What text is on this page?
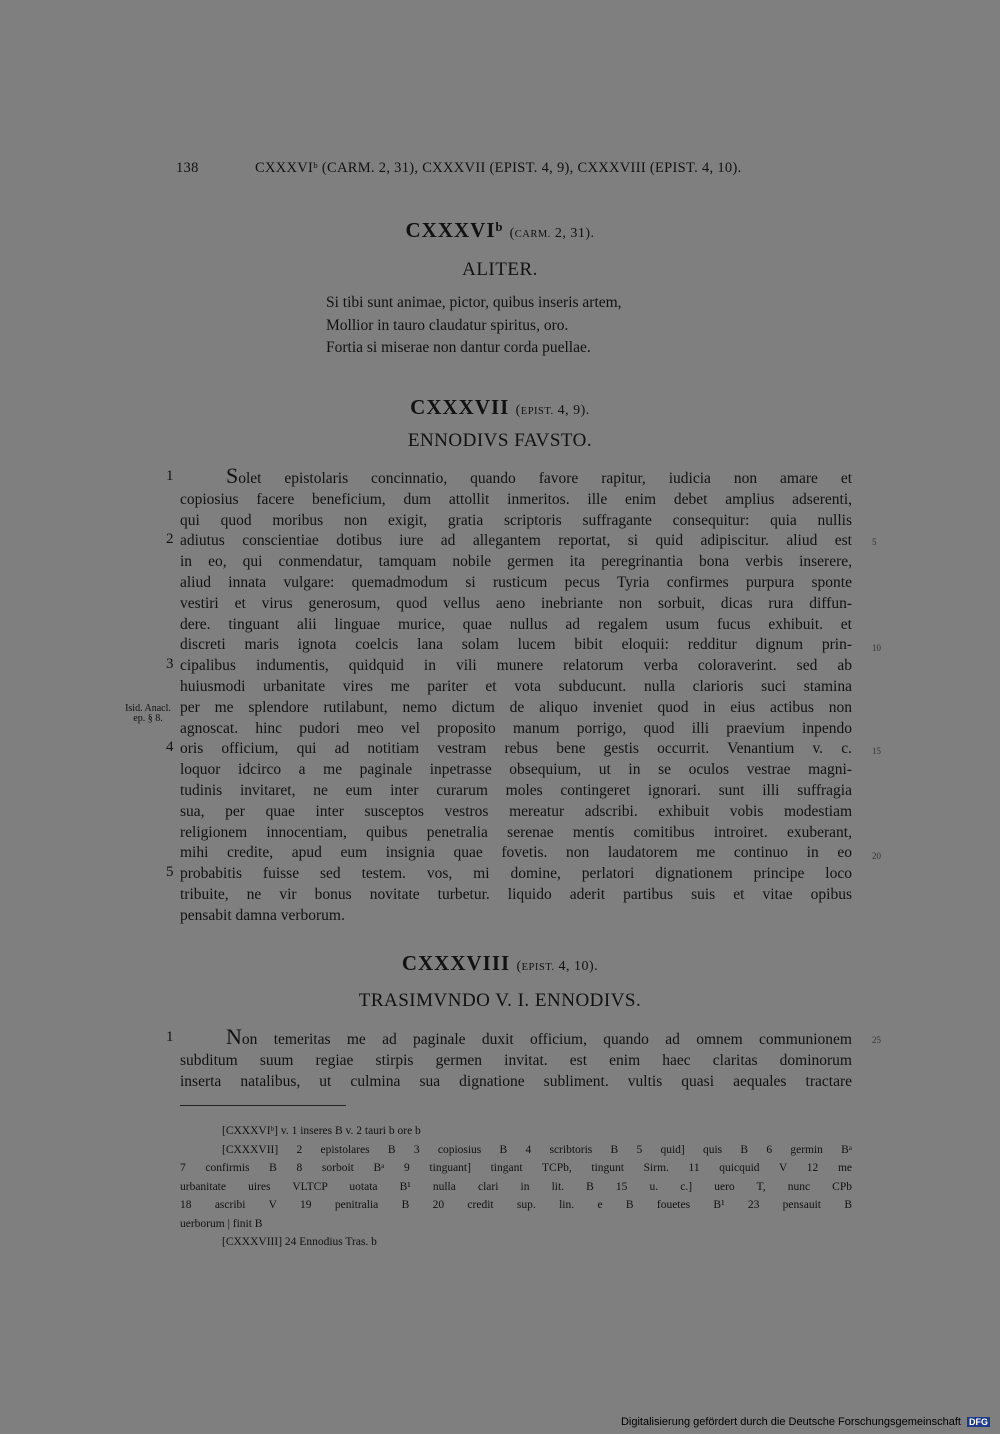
138	CXXXVIᵇ (CARM. 2, 31), CXXXVII (EPIST. 4, 9), CXXXVIII (EPIST. 4, 10).
CXXXVIᵇ (CARM. 2, 31).
ALITER.
Si tibi sunt animae, pictor, quibus inseris artem,
Mollior in tauro claudatur spiritus, oro.
Fortia si miserae non dantur corda puellae.
CXXXVII (EPIST. 4, 9).
ENNODIVS FAVSTO.
1
2
3
4
5
5
10
15
20
Isid. Anacl.
ep. § 8.
Solet epistolaris concinnatio, quando favore rapitur, iudicia non amare et
copiosius facere beneficium, dum attollit inmeritos. ille enim debet amplius adserenti,
qui quod moribus non exigit, gratia scriptoris suffragante consequitur: quia nullis
adiutus conscientiae dotibus iure ad allegantem reportat, si quid adipiscitur. aliud est
in eo, qui conmendatur, tamquam nobile germen ita peregrinantia bona verbis inserere,
aliud innata vulgare: quemadmodum si rusticum pecus Tyria confirmes purpura sponte
vestiri et virus generosum, quod vellus aeno inebriante non sorbuit, dicas rura diffun-
dere. tinguant alii linguae murice, quae nullus ad regalem usum fucus exhibuit. et
discreti maris ignota coelcis lana solam lucem bibit eloquii: redditur dignum prin-
cipalibus indumentis, quidquid in vili munere relatorum verba coloraverint. sed ab
huiusmodi urbanitate vires me pariter et vota subducunt. nulla clarioris suci stamina
per me splendore rutilabunt, nemo dictum de aliquo inveniet quod in eius actibus non
agnoscat. hinc pudori meo vel proposito manum porrigo, quod illi praevium inpendo
oris officium, qui ad notitiam vestram rebus bene gestis occurrit. Venantium v. c.
loquor idcirco a me paginale inpetrasse obsequium, ut in se oculos vestrae magni-
tudinis invitaret, ne eum inter curarum moles contingeret ignorari. sunt illi suffragia
sua, per quae inter susceptos vestros mereatur adscribi. exhibuit vobis modestiam
religionem innocentiam, quibus penetralia serenae mentis comitibus introiret. exuberant,
mihi credite, apud eum insignia quae fovetis. non laudatorem me continuo in eo
probabitis fuisse sed testem. vos, mi domine, perlatori dignationem principe loco
tribuite, ne vir bonus novitate turbetur. liquido aderit partibus suis et vitae opibus
pensabit damna verborum.
CXXXVIII (EPIST. 4, 10).
TRASIMVNDO V. I. ENNODIVS.
1	25
Non temeritas me ad paginale duxit officium, quando ad omnem communionem
subditum suum regiae stirpis germen invitat. est enim haec claritas dominorum
inserta natalibus, ut culmina sua dignatione subliment. vultis quasi aequales tractare
[CXXXVIᵇ] v. 1 inseres B v. 2 tauri b ore b
[CXXXVII] 2 epistolares B 3 copiosius B 4 scribtoris B 5 quid] quis B 6 germin Bᵃ
7 confirmis B 8 sorboit Bᵃ 9 tinguant] tingant TCPb, tingunt Sirm. 11 quicquid V 12 me
urbanitate uires VLTCP uotata B¹ nulla clari in lit. B 15 u. c.] uero T, nunc CPb
18 ascribi V 19 penitralia B 20 credit sup. lin. e B fouetes B¹ 23 pensauit B
uerborum | finit B
[CXXXVIII] 24 Ennodius Tras. b
Digitalisierung gefördert durch die Deutsche Forschungsgemeinschaft DFG
